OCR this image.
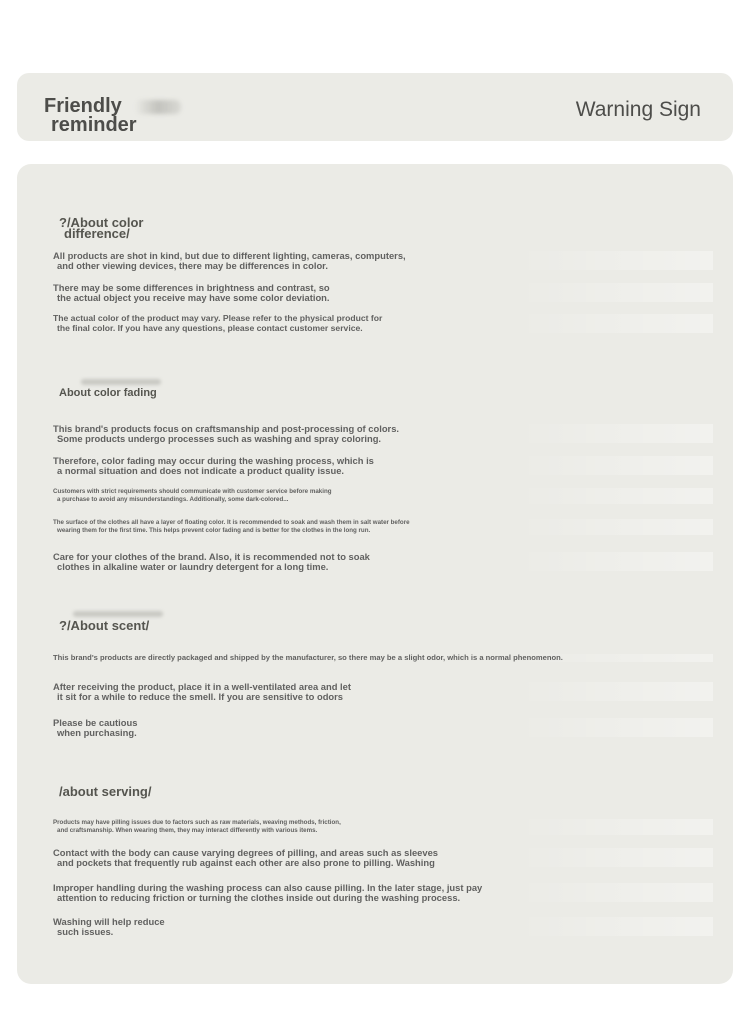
Friendly
reminder
Warning Sign
?/About color
difference/
All products are shot in kind, but due to different lighting, cameras, computers,
and other viewing devices, there may be differences in color.
There may be some differences in brightness and contrast, so
the actual object you receive may have some color deviation.
The actual color of the product may vary. Please refer to the physical product for
the final color. If you have any questions, please contact customer service.
About color fading
This brand's products focus on craftsmanship and post-processing of colors.
Some products undergo processes such as washing and spray coloring.
Therefore, color fading may occur during the washing process, which is
a normal situation and does not indicate a product quality issue.
Customers with strict requirements should communicate with customer service before making
a purchase to avoid any misunderstandings. Additionally, some dark-colored...
The surface of the clothes all have a layer of floating color. It is recommended to soak and wash them in salt water before
wearing them for the first time. This helps prevent color fading and is better for the clothes in the long run.
Care for your clothes of the brand. Also, it is recommended not to soak
clothes in alkaline water or laundry detergent for a long time.
?/About scent/
This brand's products are directly packaged and shipped by the manufacturer, so there may be a slight odor, which is a normal phenomenon.
After receiving the product, place it in a well-ventilated area and let
it sit for a while to reduce the smell. If you are sensitive to odors
Please be cautious
when purchasing.
/about serving/
Products may have pilling issues due to factors such as raw materials, weaving methods, friction,
and craftsmanship. When wearing them, they may interact differently with various items.
Contact with the body can cause varying degrees of pilling, and areas such as sleeves
and pockets that frequently rub against each other are also prone to pilling. Washing
Improper handling during the washing process can also cause pilling. In the later stage, just pay
attention to reducing friction or turning the clothes inside out during the washing process.
Washing will help reduce
such issues.
